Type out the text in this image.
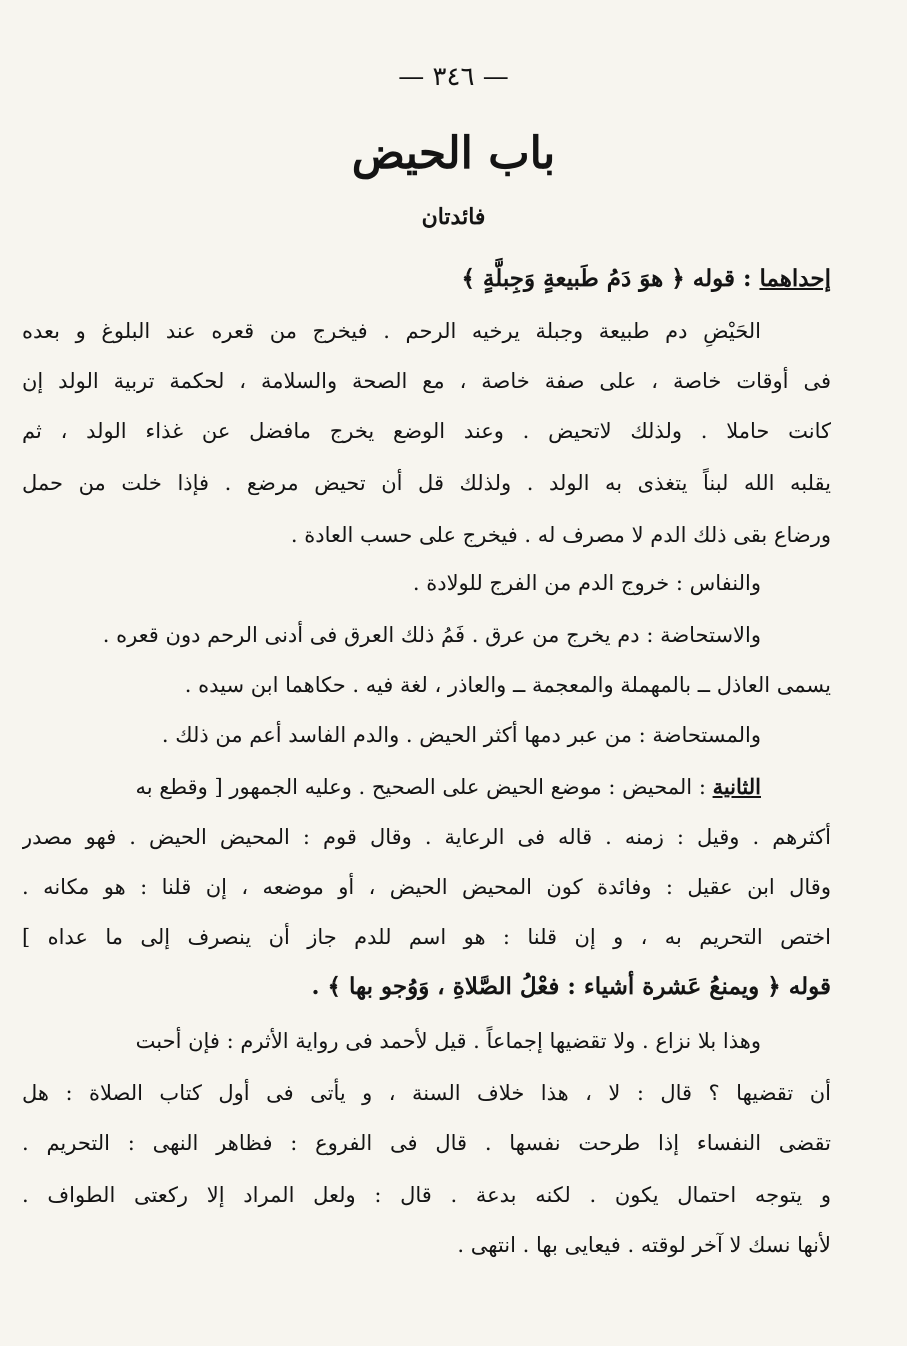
— ٣٤٦ —
باب الحيض
فائدتان
إحداهما : قوله ﴿ هوَ دَمُ طَبيعةٍ وَجِبلَّةٍ ﴾
الحَيْضِ دم طبيعة وجبلة يرخيه الرحم . فيخرج من قعره عند البلوغ و بعده
فى أوقات خاصة ، على صفة خاصة ، مع الصحة والسلامة ، لحكمة تربية الولد إن
كانت حاملا . ولذلك لاتحيض . وعند الوضع يخرج مافضل عن غذاء الولد ، ثم
يقلبه الله لبناً يتغذى به الولد . ولذلك قل أن تحيض مرضع . فإذا خلت من حمل
ورضاع بقى ذلك الدم لا مصرف له . فيخرج على حسب العادة .
والنفاس : خروج الدم من الفرج للولادة .
والاستحاضة : دم يخرج من عرق . فَمُ ذلك العرق فى أدنى الرحم دون قعره .
يسمى العاذل ــ بالمهملة والمعجمة ــ والعاذر ، لغة فيه . حكاهما ابن سيده .
والمستحاضة : من عبر دمها أكثر الحيض . والدم الفاسد أعم من ذلك .
الثانية : المحيض : موضع الحيض على الصحيح . وعليه الجمهور [ وقطع به
أكثرهم . وقيل : زمنه . قاله فى الرعاية . وقال قوم : المحيض الحيض . فهو مصدر
وقال ابن عقيل : وفائدة كون المحيض الحيض ، أو موضعه ، إن قلنا : هو مكانه .
اختص التحريم به ، و إن قلنا : هو اسم للدم جاز أن ينصرف إلى ما عداه ]
قوله ﴿ ويمنعُ عَشرة أشياء : فعْلُ الصَّلاةِ ، وَوُجو بها ﴾ .
وهذا بلا نزاع . ولا تقضيها إجماعاً . قيل لأحمد فى رواية الأثرم : فإن أحبت
أن تقضيها ؟ قال : لا ، هذا خلاف السنة ، و يأتى فى أول كتاب الصلاة : هل
تقضى النفساء إذا طرحت نفسها . قال فى الفروع : فظاهر النهى : التحريم .
و يتوجه احتمال يكون . لكنه بدعة . قال : ولعل المراد إلا ركعتى الطواف .
لأنها نسك لا آخر لوقته . فيعايى بها . انتهى .
